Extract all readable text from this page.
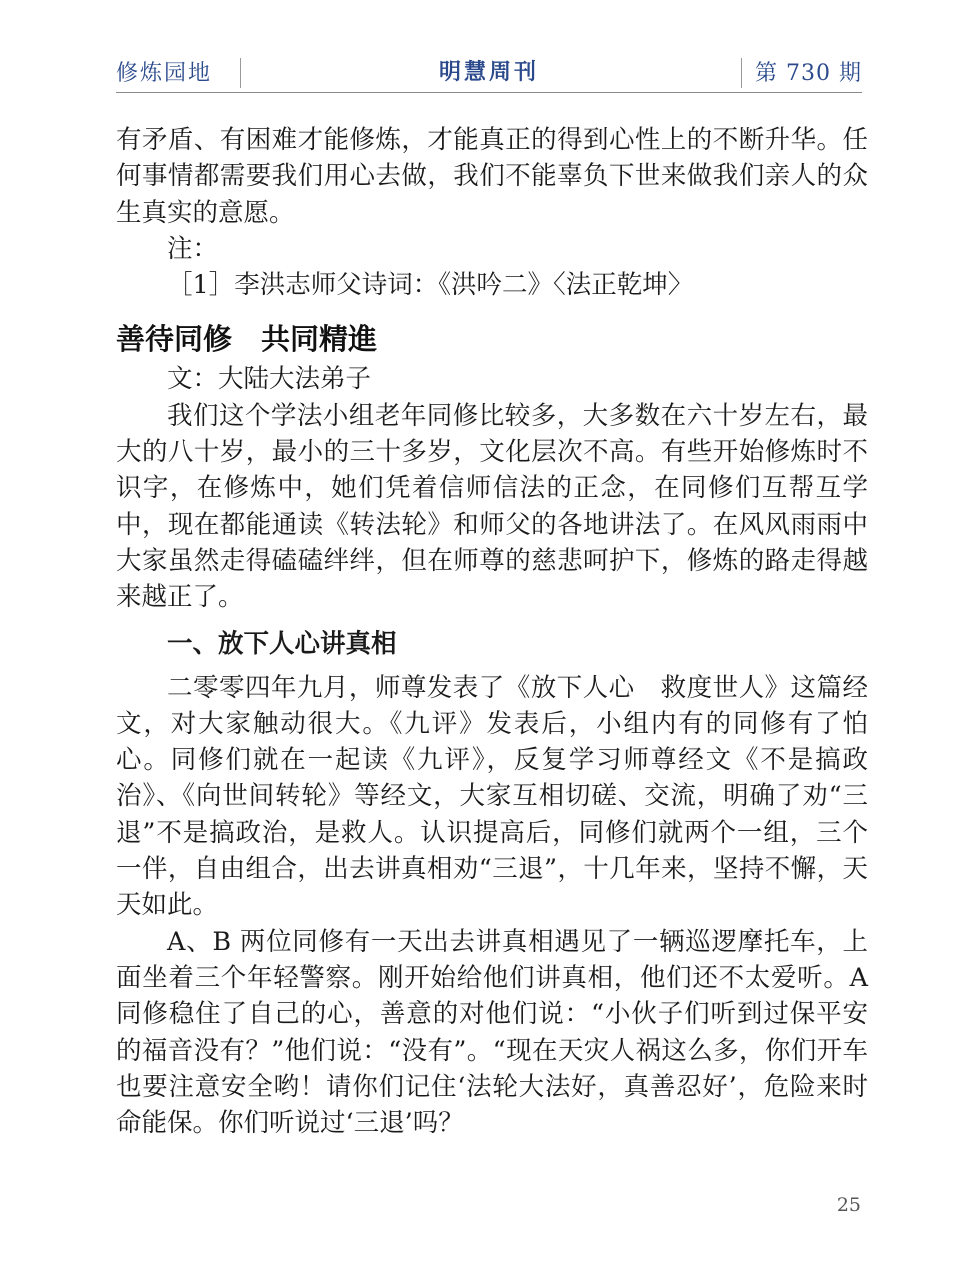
修炼园地	明慧周刊	第 730 期

有矛盾、有困难才能修炼，才能真正的得到心性上的不断升华。任何事情都需要我们用心去做，我们不能辜负下世来做我们亲人的众生真实的意愿。

注：

［1］李洪志师父诗词：《洪吟二》〈法正乾坤〉

善待同修　共同精進

文：大陆大法弟子

我们这个学法小组老年同修比较多，大多数在六十岁左右，最大的八十岁，最小的三十多岁，文化层次不高。有些开始修炼时不识字，在修炼中，她们凭着信师信法的正念，在同修们互帮互学中，现在都能通读《转法轮》和师父的各地讲法了。在风风雨雨中大家虽然走得磕磕绊绊，但在师尊的慈悲呵护下，修炼的路走得越来越正了。

一、放下人心讲真相

二零零四年九月，师尊发表了《放下人心　救度世人》这篇经文，对大家触动很大。《九评》发表后，小组内有的同修有了怕心。同修们就在一起读《九评》，反复学习师尊经文《不是搞政治》、《向世间转轮》等经文，大家互相切磋、交流，明确了劝“三退”不是搞政治，是救人。认识提高后，同修们就两个一组，三个一伴，自由组合，出去讲真相劝“三退”，十几年来，坚持不懈，天天如此。

A、B 两位同修有一天出去讲真相遇见了一辆巡逻摩托车，上面坐着三个年轻警察。刚开始给他们讲真相，他们还不太爱听。A 同修稳住了自己的心，善意的对他们说：“小伙子们听到过保平安的福音没有？”他们说：“没有”。“现在天灾人祸这么多，你们开车也要注意安全哟！请你们记住‘法轮大法好，真善忍好’，危险来时命能保。你们听说过‘三退’吗？

25
